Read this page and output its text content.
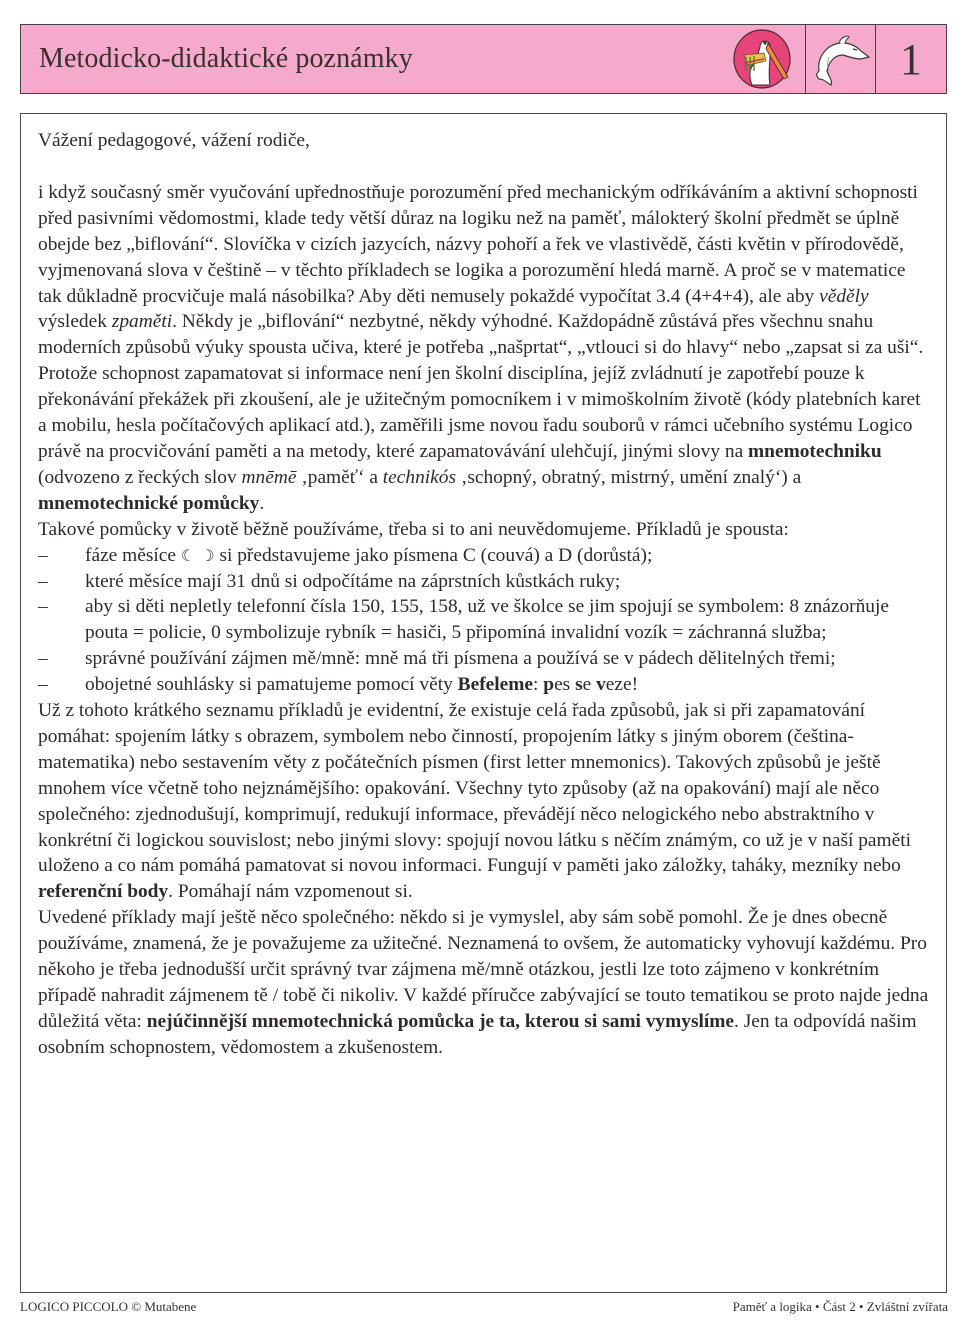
Metodicko-didaktické poznámky	1

Vážení pedagogové, vážení rodiče,

i když současný směr vyučování upřednostňuje porozumění před mechanickým odříkáváním a aktivní schopnosti před pasivními vědomostmi, klade tedy větší důraz na logiku než na paměť, málokterý školní předmět se úplně obejde bez „biflování“. Slovíčka v cizích jazycích, názvy pohoří a řek ve vlastivědě, části květin v přírodovědě, vyjmenovaná slova v češtině – v těchto příkladech se logika a porozumění hledá marně. A proč se v matematice tak důkladně procvičuje malá násobilka? Aby děti nemusely pokaždé vypočítat 3.4 (4+4+4), ale aby věděly výsledek zpaměti. Někdy je „biflování“ nezbytné, někdy výhodné. Každopádně zůstává přes všechnu snahu moderních způsobů výuky spousta učiva, které je potřeba „našprtat“, „vtlouci si do hlavy“ nebo „zapsat si za uši“.

Protože schopnost zapamatovat si informace není jen školní disciplína, jejíž zvládnutí je zapotřebí pouze k překonávání překážek při zkoušení, ale je užitečným pomocníkem i v mimoškolním životě (kódy platebních karet a mobilu, hesla počítačových aplikací atd.), zaměřili jsme novou řadu souborů v rámci učebního systému Logico právě na procvičování paměti a na metody, které zapamatovávání ulehčují, jinými slovy na mnemotechniku (odvozeno z řeckých slov mnēmē ‚paměť‘ a technikós ‚schopný, obratný, mistrný, umění znalý‘) a mnemotechnické pomůcky.

Takové pomůcky v životě běžně používáme, třeba si to ani neuvědomujeme. Příkladů je spousta:

– fáze měsíce ☾ ☽ si představujeme jako písmena C (couvá) a D (dorůstá);
– které měsíce mají 31 dnů si odpočítáme na záprstních kůstkách ruky;
– aby si děti nepletly telefonní čísla 150, 155, 158, už ve školce se jim spojují se symbolem: 8 znázorňuje pouta = policie, 0 symbolizuje rybník = hasiči, 5 připomíná invalidní vozík = záchranná služba;
– správné používání zájmen mě/mně: mně má tři písmena a používá se v pádech dělitelných třemi;
– obojetné souhlásky si pamatujeme pomocí věty Befeleme: pes se veze!

Už z tohoto krátkého seznamu příkladů je evidentní, že existuje celá řada způsobů, jak si při zapamatování pomáhat: spojením látky s obrazem, symbolem nebo činností, propojením látky s jiným oborem (čeština-matematika) nebo sestavením věty z počátečních písmen (first letter mnemonics). Takových způsobů je ještě mnohem více včetně toho nejznámějšího: opakování. Všechny tyto způsoby (až na opakování) mají ale něco společného: zjednodušují, komprimují, redukují informace, převádějí něco nelogického nebo abstraktního v konkrétní či logickou souvislost; nebo jinými slovy: spojují novou látku s něčím známým, co už je v naší paměti uloženo a co nám pomáhá pamatovat si novou informaci. Fungují v paměti jako záložky, taháky, mezníky nebo referenční body. Pomáhají nám vzpomenout si.

Uvedené příklady mají ještě něco společného: někdo si je vymyslel, aby sám sobě pomohl. Že je dnes obecně používáme, znamená, že je považujeme za užitečné. Neznamená to ovšem, že automaticky vyhovují každému. Pro někoho je třeba jednodušší určit správný tvar zájmena mě/mně otázkou, jestli lze toto zájmeno v konkrétním případě nahradit zájmenem tě / tobě či nikoliv. V každé příručce zabývající se touto tematikou se proto najde jedna důležitá věta: nejúčinnější mnemotechnická pomůcka je ta, kterou si sami vymyslíme. Jen ta odpovídá našim osobním schopnostem, vědomostem a zkušenostem.

LOGICO PICCOLO © Mutabene	Paměť a logika • Část 2 • Zvláštní zvířata
